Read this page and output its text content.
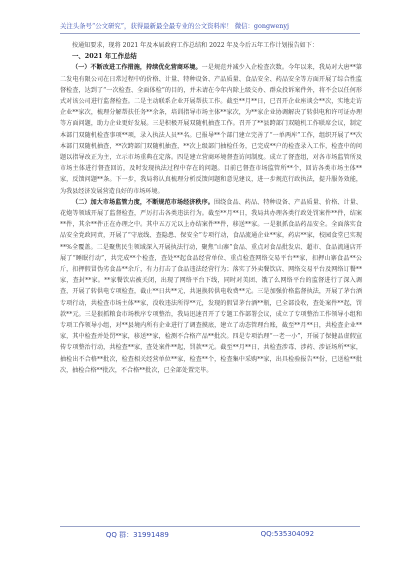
关注头条号“公文研究”，获得最新最全最专业的公文资料库！ 微信：gongwenyj

按通知要求，现将 2021 年及本届政府工作总结和 2022 年及今后五年工作计划报告如下：

一、2021 年工作总结

（一）不断改进工作措施，持续优化营商环境。一是规范并减少入企检查次数。今年以来，我局对大唐**第二发电有限公司在日常过程中的价格、计量、特种设备、产品质量、食品安全、药品安全等方面开展了综合性监督检查，达到了“一次检查、全面体检”的目的，并未请在今年内除上级交办、群众投诉案件外，将不会以任何形式对该公司进行监督检查。二是主动联系企业开展帮扶工作。截至**月**日，已召开企业座谈会**次，实地走访企业**家次，梳理分解帮扶任务**余条，培训指导市场主体**家次，为**家企业协调解决了转供电和许可证办理等方面问题，助力企业更好发展。三是积极开展双随机抽查工作。召开了**县跨部门双随机工作联席会议，制定本部门双随机检查事项**项，录入执法人员**名。已报导**个部门建立完善了“一单两库”工作，组织开展了**次本部门双随机抽查，**次跨部门双随机抽查，**次上级部门抽检任务，已完成**户的检查录入工作，检查中的问题以指导改正为主，立示市场重典在定落。四是建立营商环境督查访问制度。成立了督查组，对各市场监管所及市场主体进行督查回访，及时发现执法过程中存在的问题。目前已督查市场监管所**个，回访各类市场主体**家，反馈问题**条。下一步，我局将认真梳理分析反馈问题和意见建议，进一步规范行政执法，提升服务效能，为我县经济发展营造良好的市场环境。

（二）加大市场监管力度，不断规范市场经济秩序。围绕食品、药品、特种设备、产品质量、价格、计量、花炮等领域开展了监督检查，严厉打击各类违法行为。截至**月**日，我局共办理各类行政处罚案件**件，结案**件，其余**件正在办理之中。其中五万元以上办结案件**件，移送**家。一是狠抓食品药品安全。全面落实食品安全党政同责，开展了“守底线、查隐患、保安全”专项行动，食品流通企业**家，药店**家，校园食堂已实现**%全覆盖。二是聚焦民生领域深入开展执法行动，聚焦“山寨”食品、重点对食品批发店、超市、食品流通店开展了“睡眠行动”，共完成**个检查，查处**起食品经营单位、重点检查网络交易平台**家，扣押山寨食品**公斤，扣押假冒伪劣食品**余斤，有力打击了食品违法经营行为；落实了外卖餐饮店、网络交易平台及网络订餐**家，查封**家。**家餐饮店被关闭，出现了网络平台下线，同时对美团、饿了么网络平台的监督进行了深入调查，开展了转供电专项检查，截止**日共**元，共退换转供电收费**元。三是加强价格监督执法，开展了茅台酒专项行动，共检查市场主体**家，没收违法所得**元，发现的假冒茅台酒**瓶，已全部没收，查处案件**起，罚款**元。三是狠抓粮食市场秩序专项整治，我局迅速召开了专题工作部署会议，成立了专项整治工作领导小组和专项工作领导小组，对**县境内所有企业进行了调查摸底，建立了动态管理台账，截至**月**日，共检查企业**家，其中检查并处罚**家，移送**家，检测不合格产品**批次。四是专项治理“一老一小”，开展了保健品虚假宣传专项整治行动，共检查**家，查处案件**起，罚款**元。截至**月**日，共检查涉毒、涉药、涉证场所**家，抽检出不合格**批次，检查相关经营单位**家，检查**个，检查集中采购**家，出具检验报告**份，已送检**批次，抽检合格**批次，不合格**批次，已全部处置完毕。

QQ 群：31991489	QQ:535304092
